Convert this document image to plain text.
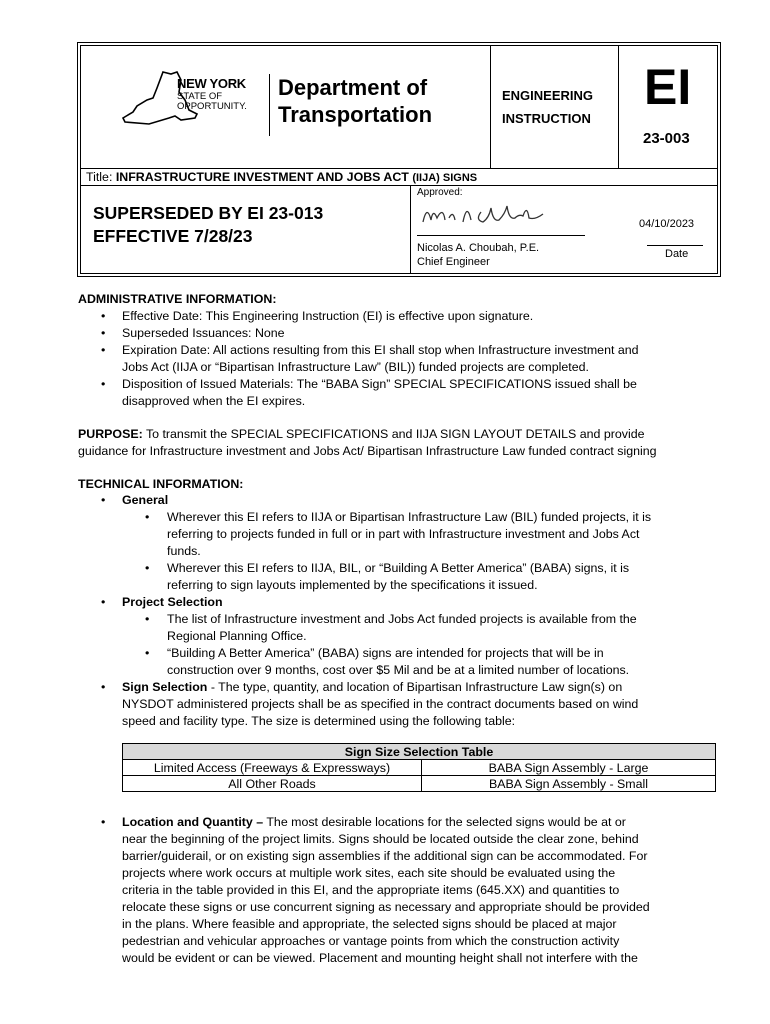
NEW YORK
STATE OF
OPPORTUNITY.
Department of
Transportation
ENGINEERING
INSTRUCTION
EI
23-003
Title: INFRASTRUCTURE INVESTMENT AND JOBS ACT (IIJA) SIGNS
SUPERSEDED BY EI 23-013
EFFECTIVE 7/28/23
Approved:
Nicolas A. Choubah, P.E.
Chief Engineer
04/10/2023
Date
ADMINISTRATIVE INFORMATION:
• Effective Date: This Engineering Instruction (EI) is effective upon signature.
• Superseded Issuances: None
• Expiration Date: All actions resulting from this EI shall stop when Infrastructure investment and
Jobs Act (IIJA or “Bipartisan Infrastructure Law” (BIL)) funded projects are completed.
• Disposition of Issued Materials: The “BABA Sign” SPECIAL SPECIFICATIONS issued shall be
disapproved when the EI expires.
PURPOSE: To transmit the SPECIAL SPECIFICATIONS and IIJA SIGN LAYOUT DETAILS and provide
guidance for Infrastructure investment and Jobs Act/ Bipartisan Infrastructure Law funded contract signing
TECHNICAL INFORMATION:
• General
• Wherever this EI refers to IIJA or Bipartisan Infrastructure Law (BIL) funded projects, it is
referring to projects funded in full or in part with Infrastructure investment and Jobs Act
funds.
• Wherever this EI refers to IIJA, BIL, or “Building A Better America” (BABA) signs, it is
referring to sign layouts implemented by the specifications it issued.
• Project Selection
• The list of Infrastructure investment and Jobs Act funded projects is available from the
Regional Planning Office.
• “Building A Better America” (BABA) signs are intended for projects that will be in
construction over 9 months, cost over $5 Mil and be at a limited number of locations.
• Sign Selection - The type, quantity, and location of Bipartisan Infrastructure Law sign(s) on
NYSDOT administered projects shall be as specified in the contract documents based on wind
speed and facility type. The size is determined using the following table:
Sign Size Selection Table	
Limited Access (Freeways & Expressways)	BABA Sign Assembly - Large
All Other Roads	BABA Sign Assembly - Small
• Location and Quantity – The most desirable locations for the selected signs would be at or
near the beginning of the project limits. Signs should be located outside the clear zone, behind
barrier/guiderail, or on existing sign assemblies if the additional sign can be accommodated. For
projects where work occurs at multiple work sites, each site should be evaluated using the
criteria in the table provided in this EI, and the appropriate items (645.XX) and quantities to
relocate these signs or use concurrent signing as necessary and appropriate should be provided
in the plans. Where feasible and appropriate, the selected signs should be placed at major
pedestrian and vehicular approaches or vantage points from which the construction activity
would be evident or can be viewed. Placement and mounting height shall not interfere with the
